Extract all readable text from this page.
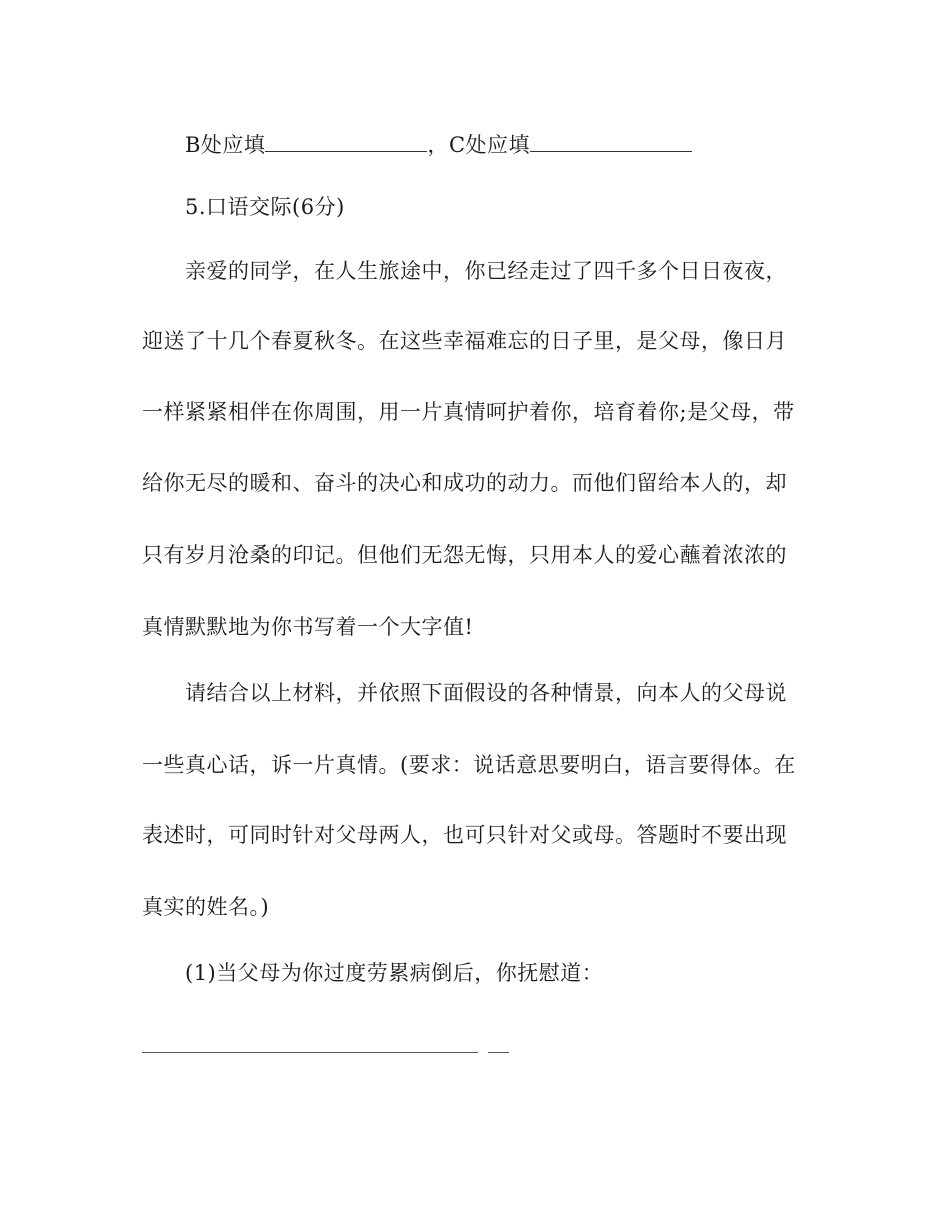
B处应填	，C处应填
5.口语交际(6分)
亲爱的同学，在人生旅途中，你已经走过了四千多个日日夜夜，
迎送了十几个春夏秋冬。在这些幸福难忘的日子里，是父母，像日月
一样紧紧相伴在你周围，用一片真情呵护着你，培育着你;是父母，带
给你无尽的暖和、奋斗的决心和成功的动力。而他们留给本人的，却
只有岁月沧桑的印记。但他们无怨无悔，只用本人的爱心蘸着浓浓的
真情默默地为你书写着一个大字值!
请结合以上材料，并依照下面假设的各种情景，向本人的父母说
一些真心话，诉一片真情。(要求：说话意思要明白，语言要得体。在
表述时，可同时针对父母两人，也可只针对父或母。答题时不要出现
真实的姓名。)
(1)当父母为你过度劳累病倒后，你抚慰道：
